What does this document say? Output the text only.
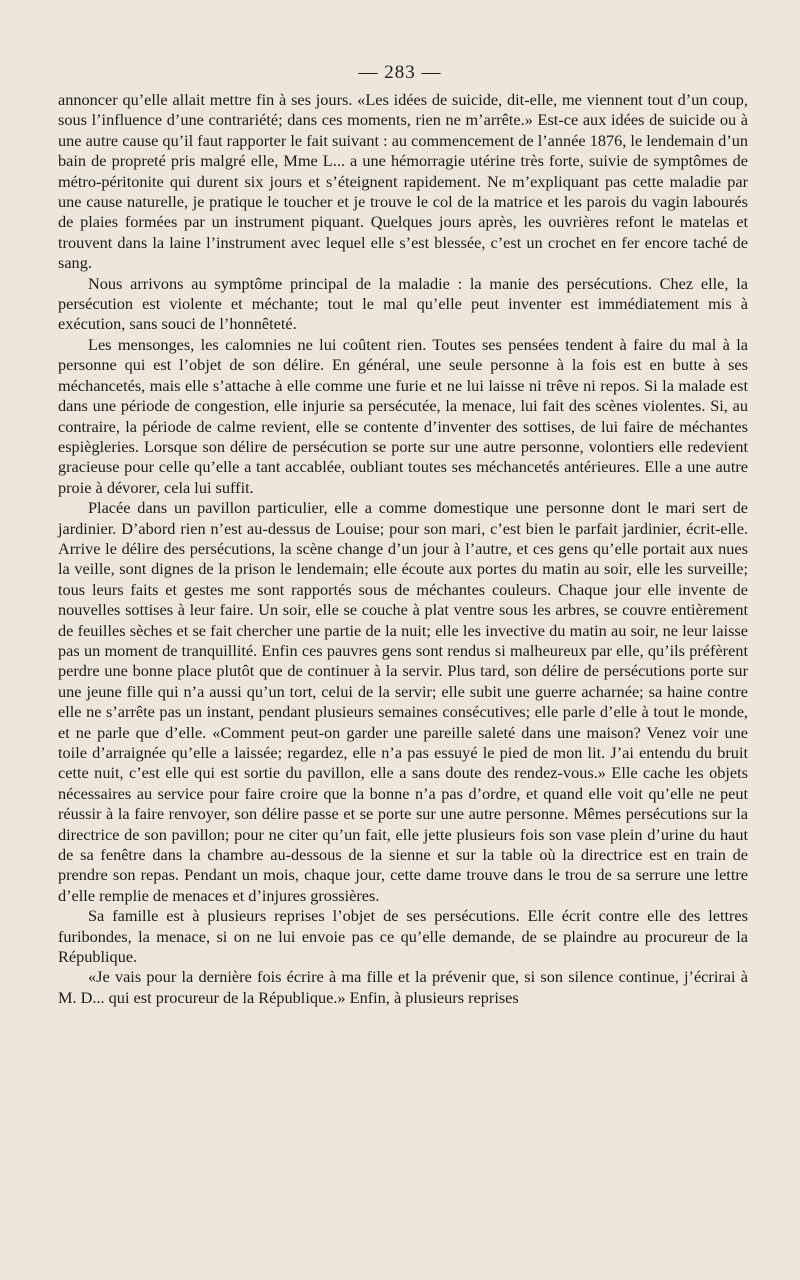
— 283 —

annoncer qu’elle allait mettre fin à ses jours. «Les idées de suicide, dit-elle, me viennent tout d’un coup, sous l’influence d’une contrariété; dans ces moments, rien ne m’arrête.» Est-ce aux idées de suicide ou à une autre cause qu’il faut rapporter le fait suivant : au commencement de l’année 1876, le lendemain d’un bain de propreté pris malgré elle, Mme L... a une hémorragie utérine très forte, suivie de symptômes de métro-péritonite qui durent six jours et s’éteignent rapidement. Ne m’expliquant pas cette maladie par une cause naturelle, je pratique le toucher et je trouve le col de la matrice et les parois du vagin labourés de plaies formées par un instrument piquant. Quelques jours après, les ouvrières refont le matelas et trouvent dans la laine l’instrument avec lequel elle s’est blessée, c’est un crochet en fer encore taché de sang.

Nous arrivons au symptôme principal de la maladie : la manie des persécutions. Chez elle, la persécution est violente et méchante; tout le mal qu’elle peut inventer est immédiatement mis à exécution, sans souci de l’honnêteté.

Les mensonges, les calomnies ne lui coûtent rien. Toutes ses pensées tendent à faire du mal à la personne qui est l’objet de son délire. En général, une seule personne à la fois est en butte à ses méchancetés, mais elle s’attache à elle comme une furie et ne lui laisse ni trêve ni repos. Si la malade est dans une période de congestion, elle injurie sa persécutée, la menace, lui fait des scènes violentes. Si, au contraire, la période de calme revient, elle se contente d’inventer des sottises, de lui faire de méchantes espiègleries. Lorsque son délire de persécution se porte sur une autre personne, volontiers elle redevient gracieuse pour celle qu’elle a tant accablée, oubliant toutes ses méchancetés antérieures. Elle a une autre proie à dévorer, cela lui suffit.

Placée dans un pavillon particulier, elle a comme domestique une personne dont le mari sert de jardinier. D’abord rien n’est au-dessus de Louise; pour son mari, c’est bien le parfait jardinier, écrit-elle. Arrive le délire des persécutions, la scène change d’un jour à l’autre, et ces gens qu’elle portait aux nues la veille, sont dignes de la prison le lendemain; elle écoute aux portes du matin au soir, elle les surveille; tous leurs faits et gestes me sont rapportés sous de méchantes couleurs. Chaque jour elle invente de nouvelles sottises à leur faire. Un soir, elle se couche à plat ventre sous les arbres, se couvre entièrement de feuilles sèches et se fait chercher une partie de la nuit; elle les invective du matin au soir, ne leur laisse pas un moment de tranquillité. Enfin ces pauvres gens sont rendus si malheureux par elle, qu’ils préfèrent perdre une bonne place plutôt que de continuer à la servir. Plus tard, son délire de persécutions porte sur une jeune fille qui n’a aussi qu’un tort, celui de la servir; elle subit une guerre acharnée; sa haine contre elle ne s’arrête pas un instant, pendant plusieurs semaines consécutives; elle parle d’elle à tout le monde, et ne parle que d’elle. «Comment peut-on garder une pareille saleté dans une maison? Venez voir une toile d’arraignée qu’elle a laissée; regardez, elle n’a pas essuyé le pied de mon lit. J’ai entendu du bruit cette nuit, c’est elle qui est sortie du pavillon, elle a sans doute des rendez-vous.» Elle cache les objets nécessaires au service pour faire croire que la bonne n’a pas d’ordre, et quand elle voit qu’elle ne peut réussir à la faire renvoyer, son délire passe et se porte sur une autre personne. Mêmes persécutions sur la directrice de son pavillon; pour ne citer qu’un fait, elle jette plusieurs fois son vase plein d’urine du haut de sa fenêtre dans la chambre au-dessous de la sienne et sur la table où la directrice est en train de prendre son repas. Pendant un mois, chaque jour, cette dame trouve dans le trou de sa serrure une lettre d’elle remplie de menaces et d’injures grossières.

Sa famille est à plusieurs reprises l’objet de ses persécutions. Elle écrit contre elle des lettres furibondes, la menace, si on ne lui envoie pas ce qu’elle demande, de se plaindre au procureur de la République.

«Je vais pour la dernière fois écrire à ma fille et la prévenir que, si son silence continue, j’écrirai à M. D... qui est procureur de la République.» Enfin, à plusieurs reprises
